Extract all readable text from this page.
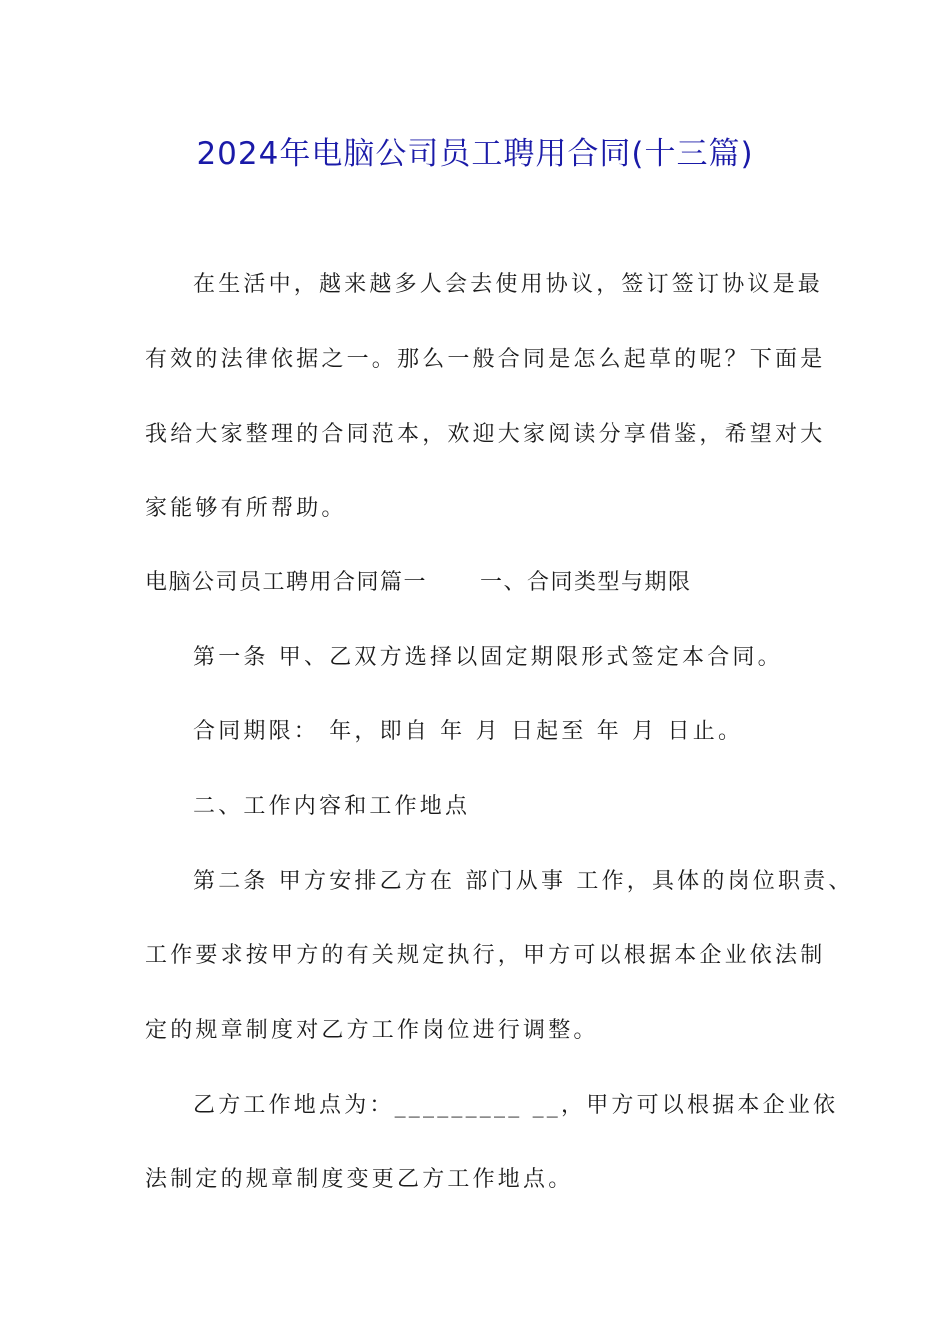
2024年电脑公司员工聘用合同(十三篇)
在生活中，越来越多人会去使用协议，签订签订协议是最
有效的法律依据之一。那么一般合同是怎么起草的呢？下面是
我给大家整理的合同范本，欢迎大家阅读分享借鉴，希望对大
家能够有所帮助。
电脑公司员工聘用合同篇一 一、合同类型与期限
第一条 甲、乙双方选择以固定期限形式签定本合同。
合同期限： 年，即自 年 月 日起至 年 月 日止。
二、工作内容和工作地点
第二条 甲方安排乙方在 部门从事 工作，具体的岗位职责、
工作要求按甲方的有关规定执行，甲方可以根据本企业依法制
定的规章制度对乙方工作岗位进行调整。
乙方工作地点为：_________ __，甲方可以根据本企业依
法制定的规章制度变更乙方工作地点。
